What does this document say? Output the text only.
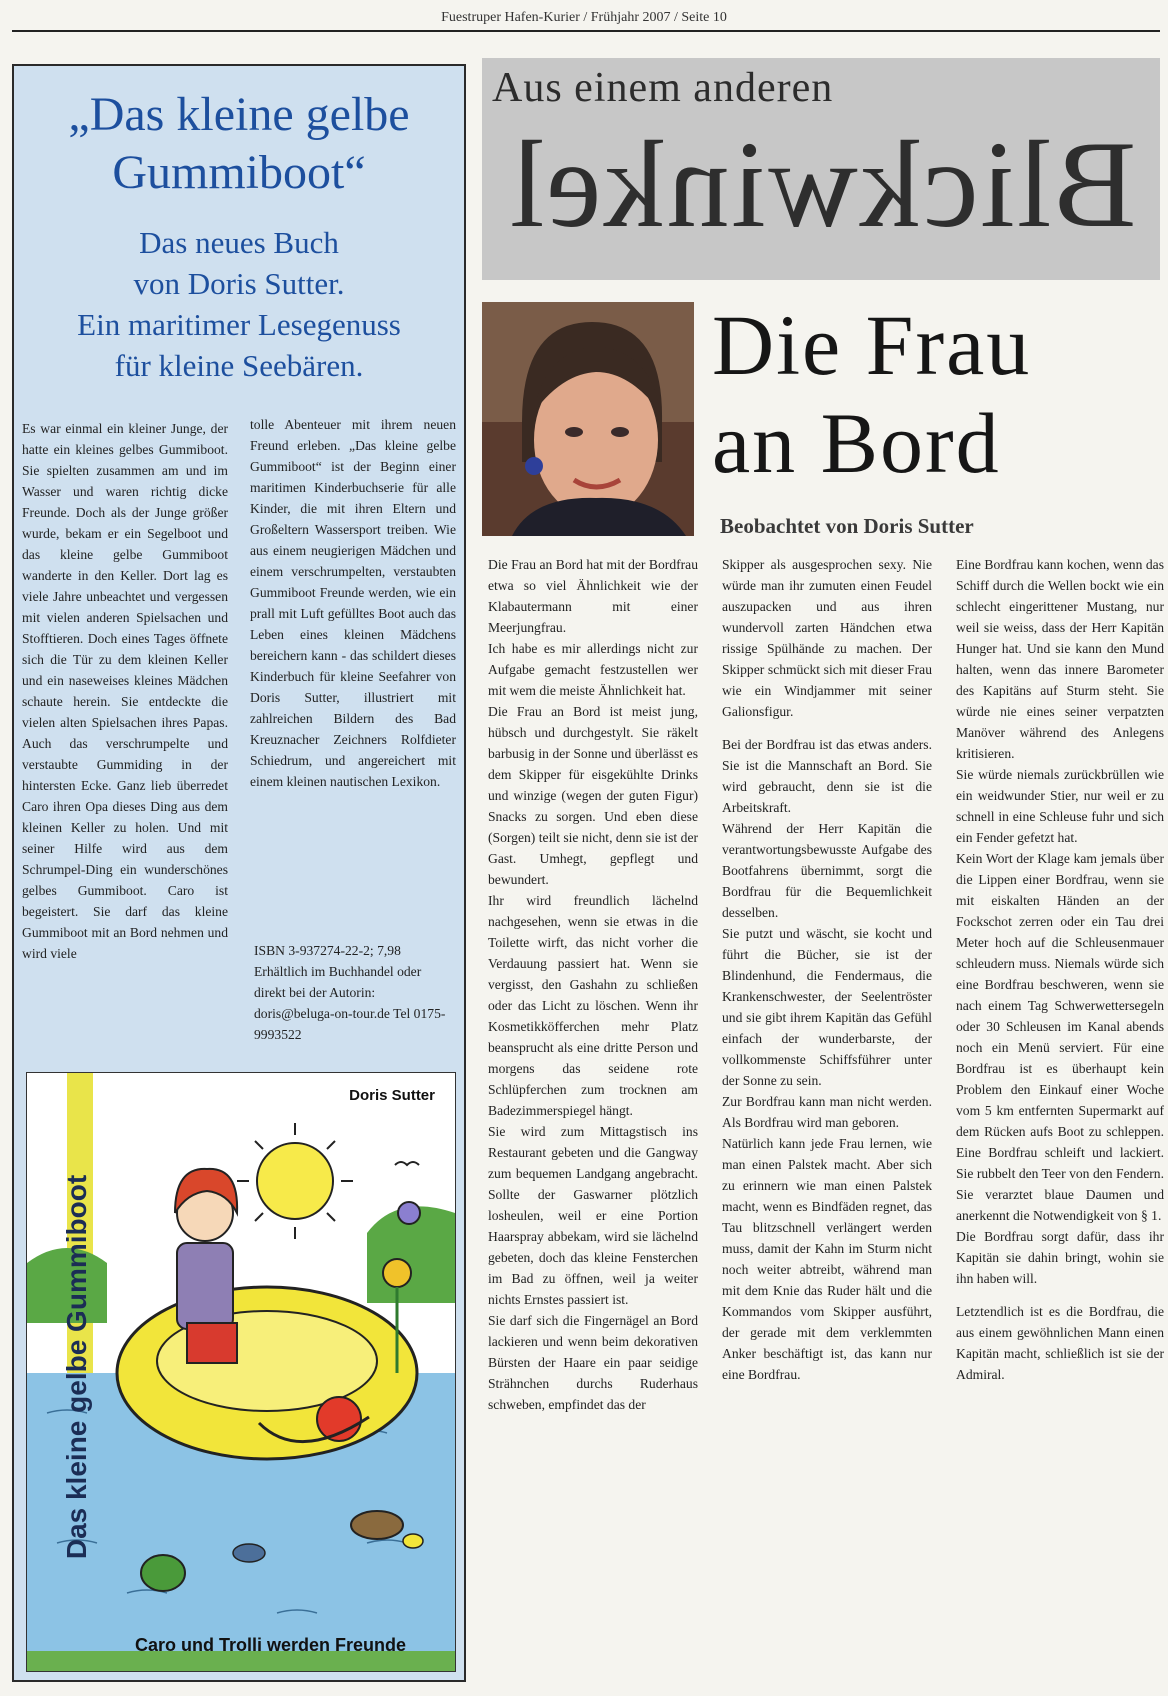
Fuestruper Hafen-Kurier / Frühjahr 2007 / Seite 10
„Das kleine gelbe Gummiboot“
Das neues Buch
von Doris Sutter.
Ein maritimer Lesegenuss
für kleine Seebären.
Es war einmal ein kleiner Junge, der hatte ein kleines gelbes Gummiboot. Sie spielten zusammen am und im Wasser und waren richtig dicke Freunde. Doch als der Junge größer wurde, bekam er ein Segelboot und das kleine gelbe Gummiboot wanderte in den Keller. Dort lag es viele Jahre unbeachtet und vergessen mit vielen anderen Spielsachen und Stofftieren. Doch eines Tages öffnete sich die Tür zu dem kleinen Keller und ein naseweises kleines Mädchen schaute herein. Sie entdeckte die vielen alten Spielsachen ihres Papas. Auch das verschrumpelte und verstaubte Gummiding in der hintersten Ecke. Ganz lieb überredet Caro ihren Opa dieses Ding aus dem kleinen Keller zu holen. Und mit seiner Hilfe wird aus dem Schrumpel-Ding ein wunderschönes gelbes Gummiboot. Caro ist begeistert. Sie darf das kleine Gummiboot mit an Bord nehmen und wird viele
tolle Abenteuer mit ihrem neuen Freund erleben. „Das kleine gelbe Gummiboot“ ist der Beginn einer maritimen Kinderbuchserie für alle Kinder, die mit ihren Eltern und Großeltern Wassersport treiben. Wie aus einem neugierigen Mädchen und einem verschrumpelten, verstaubten Gummiboot Freunde werden, wie ein prall mit Luft gefülltes Boot auch das Leben eines kleinen Mädchens bereichern kann - das schildert dieses Kinderbuch für kleine Seefahrer von Doris Sutter, illustriert mit zahlreichen Bildern des Bad Kreuznacher Zeichners Rolfdieter Schiedrum, und angereichert mit einem kleinen nautischen Lexikon.
ISBN 3-937274-22-2; 7,98 Erhältlich im Buchhandel oder direkt bei der Autorin: doris@beluga-on-tour.de Tel 0175-9993522
Doris Sutter
Das kleine gelbe Gummiboot
Caro und Trolli werden Freunde
Aus einem anderen
Blickwinkel
Die Frau
an Bord
Beobachtet von Doris Sutter

Die Frau an Bord hat mit der Bordfrau etwa so viel Ähnlichkeit wie der Klabautermann mit einer Meerjungfrau.

Ich habe es mir allerdings nicht zur Aufgabe gemacht festzustellen wer mit wem die meiste Ähnlichkeit hat.

Die Frau an Bord ist meist jung, hübsch und durchgestylt. Sie räkelt barbusig in der Sonne und überlässt es dem Skipper für eisgekühlte Drinks und winzige (wegen der guten Figur) Snacks zu sorgen. Und eben diese (Sorgen) teilt sie nicht, denn sie ist der Gast. Umhegt, gepflegt und bewundert.

Ihr wird freundlich lächelnd nachgesehen, wenn sie etwas in die Toilette wirft, das nicht vorher die Verdauung passiert hat. Wenn sie vergisst, den Gashahn zu schließen oder das Licht zu löschen. Wenn ihr Kosmetikköfferchen mehr Platz beansprucht als eine dritte Person und morgens das seidene rote Schlüpferchen zum trocknen am Badezimmerspiegel hängt.

Sie wird zum Mittagstisch ins Restaurant gebeten und die Gangway zum bequemen Landgang angebracht. Sollte der Gaswarner plötzlich losheulen, weil er eine Portion Haarspray abbekam, wird sie lächelnd gebeten, doch das kleine Fensterchen im Bad zu öffnen, weil ja weiter nichts Ernstes passiert ist.

Sie darf sich die Fingernägel an Bord lackieren und wenn beim dekorativen Bürsten der Haare ein paar seidige Strähnchen durchs Ruderhaus schweben, empfindet das der

Skipper als ausgesprochen sexy. Nie würde man ihr zumuten einen Feudel auszupacken und aus ihren wundervoll zarten Händchen etwa rissige Spülhände zu machen. Der Skipper schmückt sich mit dieser Frau wie ein Windjammer mit seiner Galionsfigur.

Bei der Bordfrau ist das etwas anders. Sie ist die Mannschaft an Bord. Sie wird gebraucht, denn sie ist die Arbeitskraft.

Während der Herr Kapitän die verantwortungsbewusste Aufgabe des Bootfahrens übernimmt, sorgt die Bordfrau für die Bequemlichkeit desselben.

Sie putzt und wäscht, sie kocht und führt die Bücher, sie ist der Blindenhund, die Fendermaus, die Krankenschwester, der Seelentröster und sie gibt ihrem Kapitän das Gefühl einfach der wunderbarste, der vollkommenste Schiffsführer unter der Sonne zu sein.

Zur Bordfrau kann man nicht werden. Als Bordfrau wird man geboren.

Natürlich kann jede Frau lernen, wie man einen Palstek macht. Aber sich zu erinnern wie man einen Palstek macht, wenn es Bindfäden regnet, das Tau blitzschnell verlängert werden muss, damit der Kahn im Sturm nicht noch weiter abtreibt, während man mit dem Knie das Ruder hält und die Kommandos vom Skipper ausführt, der gerade mit dem verklemmten Anker beschäftigt ist, das kann nur eine Bordfrau.

Eine Bordfrau kann kochen, wenn das Schiff durch die Wellen bockt wie ein schlecht eingerittener Mustang, nur weil sie weiss, dass der Herr Kapitän Hunger hat. Und sie kann den Mund halten, wenn das innere Barometer des Kapitäns auf Sturm steht. Sie würde nie eines seiner verpatzten Manöver während des Anlegens kritisieren.

Sie würde niemals zurückbrüllen wie ein weidwunder Stier, nur weil er zu schnell in eine Schleuse fuhr und sich ein Fender gefetzt hat.

Kein Wort der Klage kam jemals über die Lippen einer Bordfrau, wenn sie mit eiskalten Händen an der Fockschot zerren oder ein Tau drei Meter hoch auf die Schleusenmauer schleudern muss. Niemals würde sich eine Bordfrau beschweren, wenn sie nach einem Tag Schwerwettersegeln oder 30 Schleusen im Kanal abends noch ein Menü serviert. Für eine Bordfrau ist es überhaupt kein Problem den Einkauf einer Woche vom 5 km entfernten Supermarkt auf dem Rücken aufs Boot zu schleppen. Eine Bordfrau schleift und lackiert. Sie rubbelt den Teer von den Fendern. Sie verarztet blaue Daumen und anerkennt die Notwendigkeit von § 1.

Die Bordfrau sorgt dafür, dass ihr Kapitän sie dahin bringt, wohin sie ihn haben will.

Letztendlich ist es die Bordfrau, die aus einem gewöhnlichen Mann einen Kapitän macht, schließlich ist sie der Admiral.
